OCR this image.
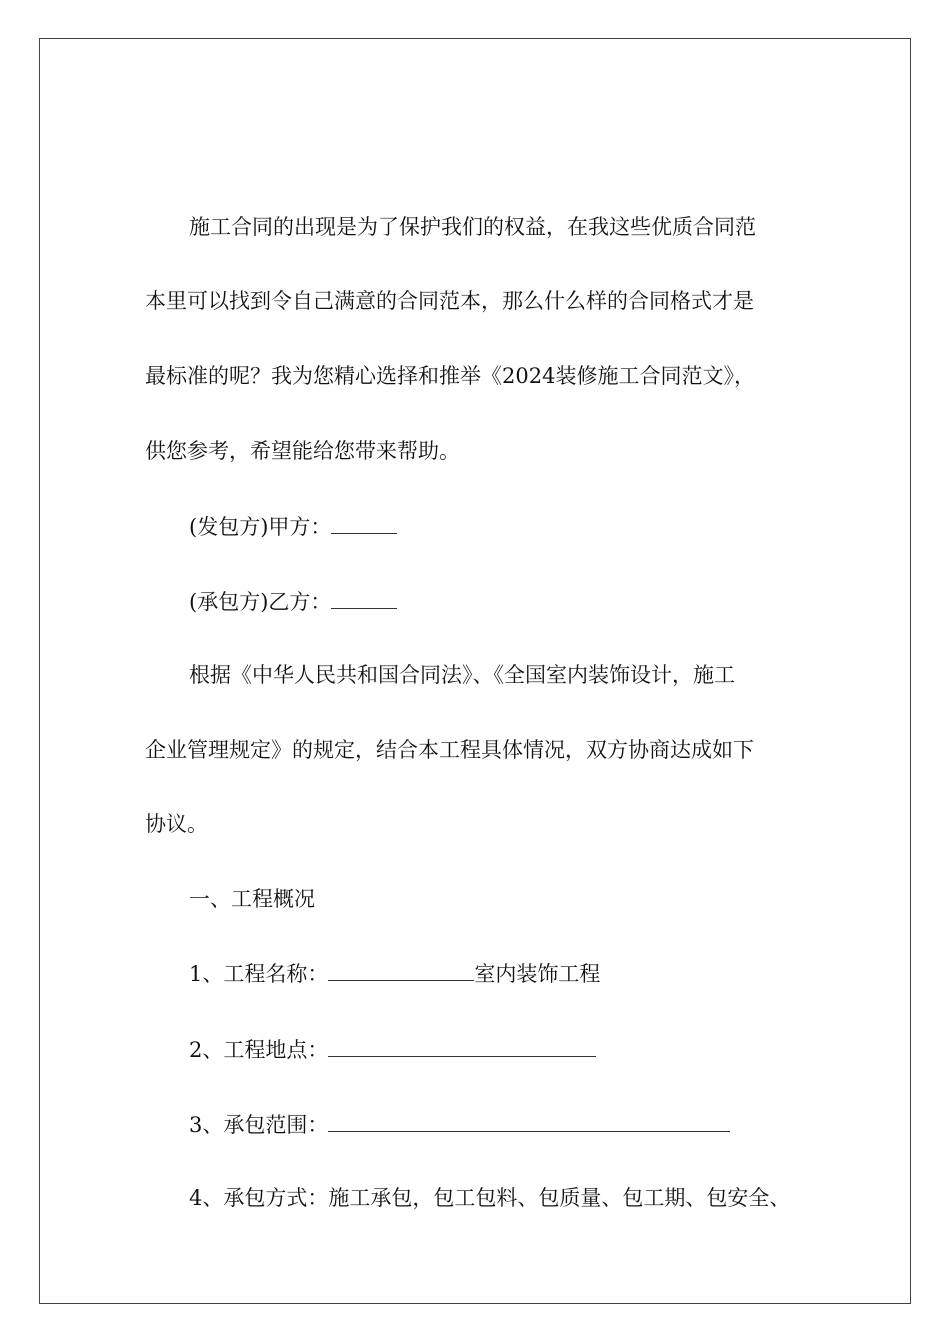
施工合同的出现是为了保护我们的权益，在我这些优质合同范
本里可以找到令自己满意的合同范本，那么什么样的合同格式才是
最标准的呢？我为您精心选择和推举《2024装修施工合同范文》，
供您参考，希望能给您带来帮助。
(发包方)甲方：
(承包方)乙方：
根据《中华人民共和国合同法》、《全国室内装饰设计，施工
企业管理规定》的规定，结合本工程具体情况，双方协商达成如下
协议。
一、工程概况
1、工程名称：	室内装饰工程
2、工程地点：
3、承包范围：
4、承包方式：施工承包，包工包料、包质量、包工期、包安全、
